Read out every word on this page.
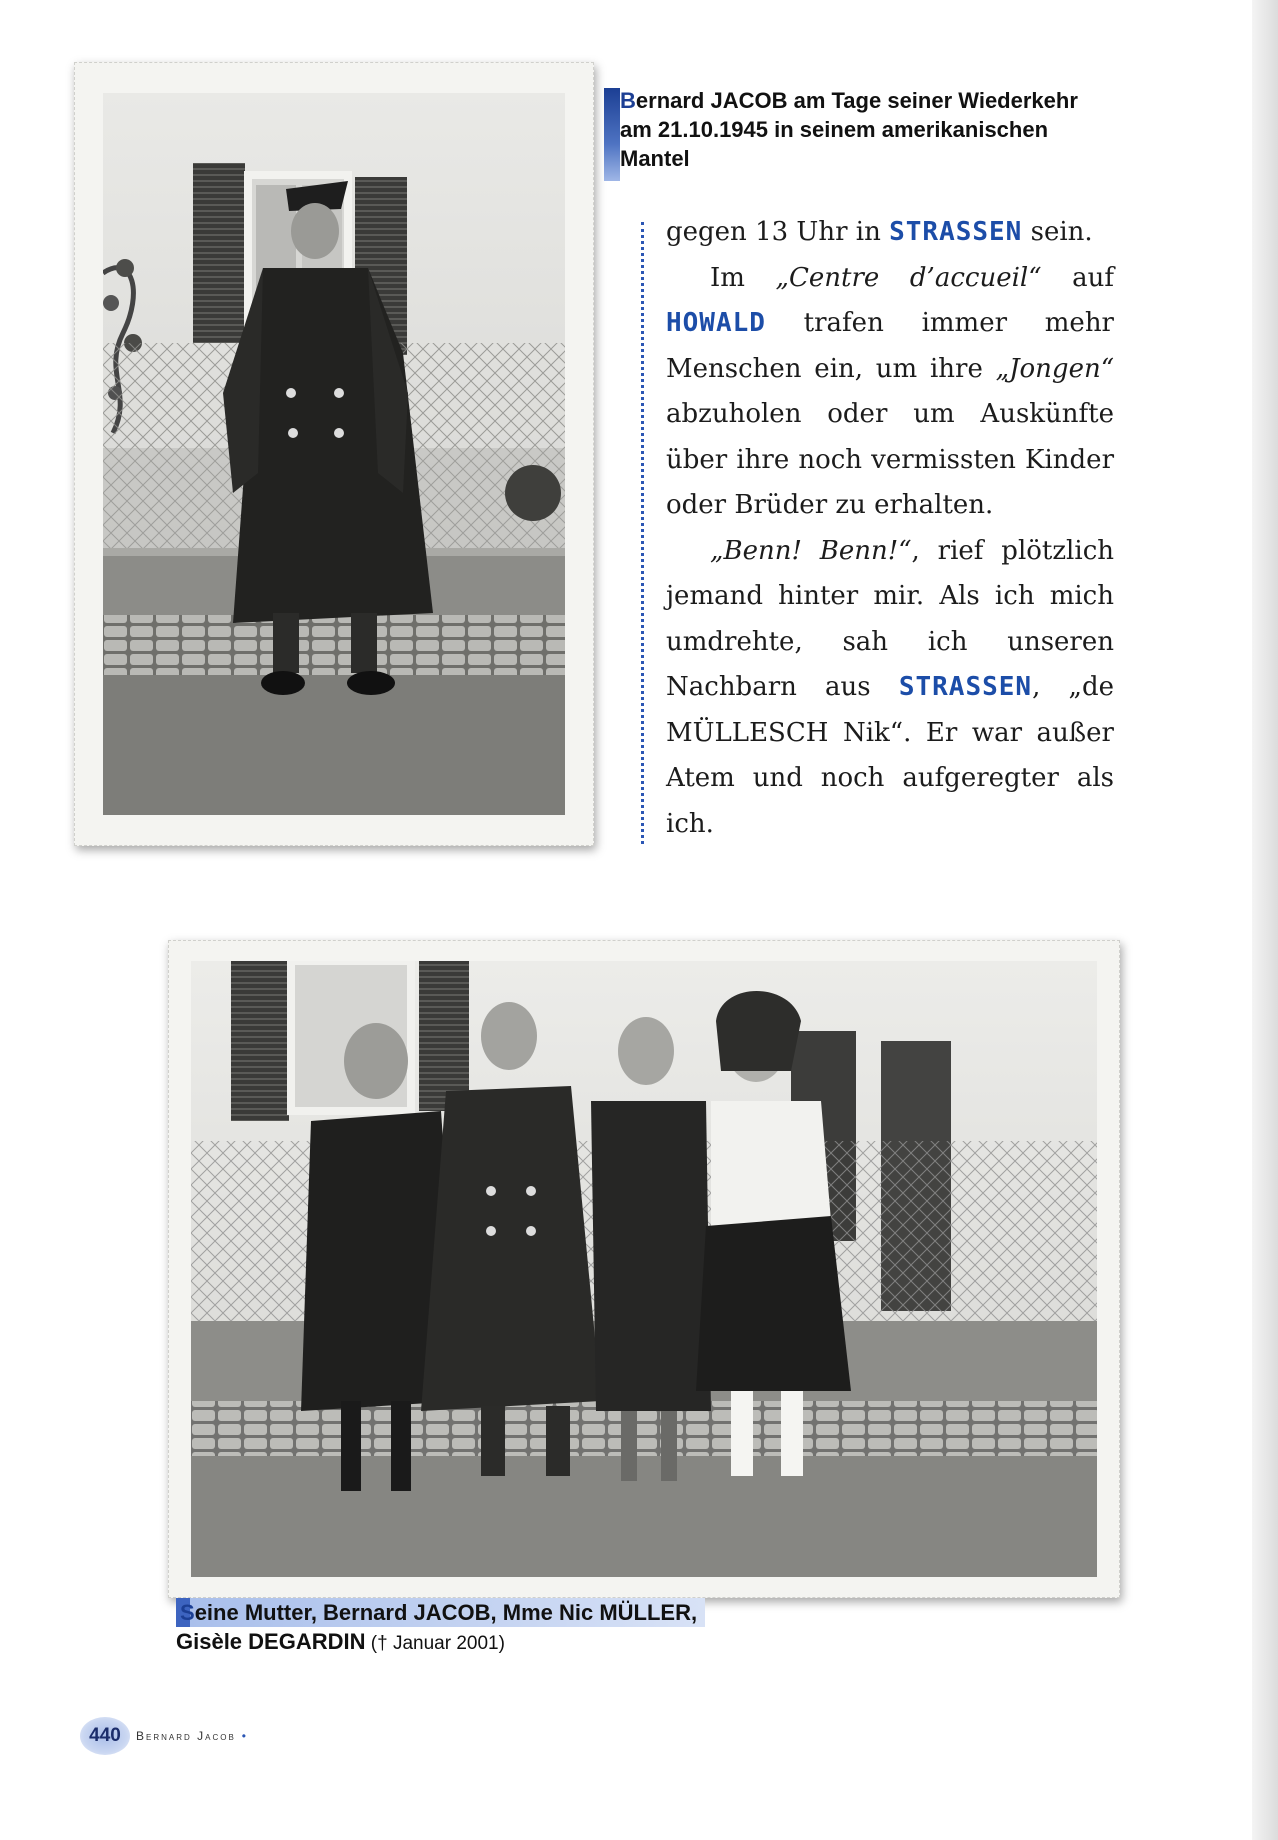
Bernard JACOB am Tage seiner Wiederkehr am 21.10.1945 in seinem amerikanischen Mantel

gegen 13 Uhr in STRASSEN sein.

Im „Centre d’accueil“ auf HOWALD trafen immer mehr Menschen ein, um ihre „Jongen“ abzuholen oder um Auskünfte über ihre noch vermissten Kinder oder Brüder zu erhalten.

„Benn! Benn!“, rief plötzlich jemand hinter mir. Als ich mich umdrehte, sah ich unseren Nachbarn aus STRASSEN, „de MÜLLESCH Nik“. Er war außer Atem und noch aufgeregter als ich.

Seine Mutter, Bernard JACOB, Mme Nic MÜLLER,
Gisèle DEGARDIN († Januar 2001)
440	Bernard Jacob •
